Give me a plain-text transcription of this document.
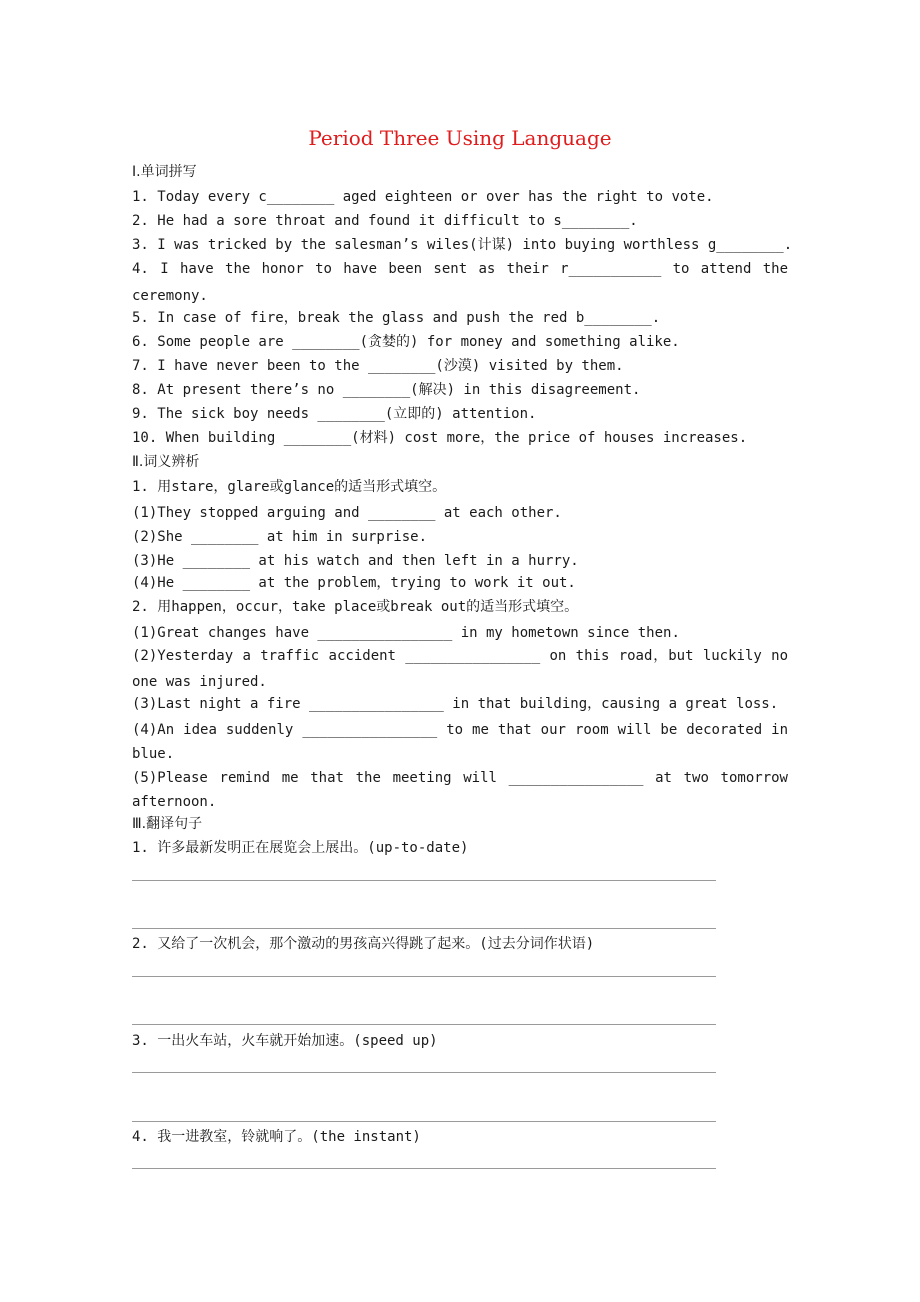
Period Three Using Language
Ⅰ.单词拼写
1. Today every c________ aged eighteen or over has the right to vote.
2. He had a sore throat and found it difficult to s________.
3. I was tricked by the salesman’s wiles(计谋) into buying worthless g________.
4. I have the honor to have been sent as their r___________ to attend the
ceremony.
5. In case of fire，break the glass and push the red b________.
6. Some people are ________(贪婪的) for money and something alike.
7. I have never been to the ________(沙漠) visited by them.
8. At present there’s no ________(解决) in this disagreement.
9. The sick boy needs ________(立即的) attention.
10. When building ________(材料) cost more，the price of houses increases.
Ⅱ.词义辨析
1. 用stare，glare或glance的适当形式填空。
(1)They stopped arguing and ________ at each other.
(2)She ________ at him in surprise.
(3)He ________ at his watch and then left in a hurry.
(4)He ________ at the problem，trying to work it out.
2. 用happen，occur，take place或break out的适当形式填空。
(1)Great changes have ________________ in my hometown since then.
(2)Yesterday a traffic accident ________________ on this road，but luckily no
one was injured.
(3)Last night a fire ________________ in that building，causing a great loss.
(4)An idea suddenly ________________ to me that our room will be decorated in
blue.
(5)Please remind me that the meeting will ________________ at two tomorrow
afternoon.
Ⅲ.翻译句子
1. 许多最新发明正在展览会上展出。(up-to-date)
2. 又给了一次机会，那个激动的男孩高兴得跳了起来。(过去分词作状语)
3. 一出火车站，火车就开始加速。(speed up)
4. 我一进教室，铃就响了。(the instant)
